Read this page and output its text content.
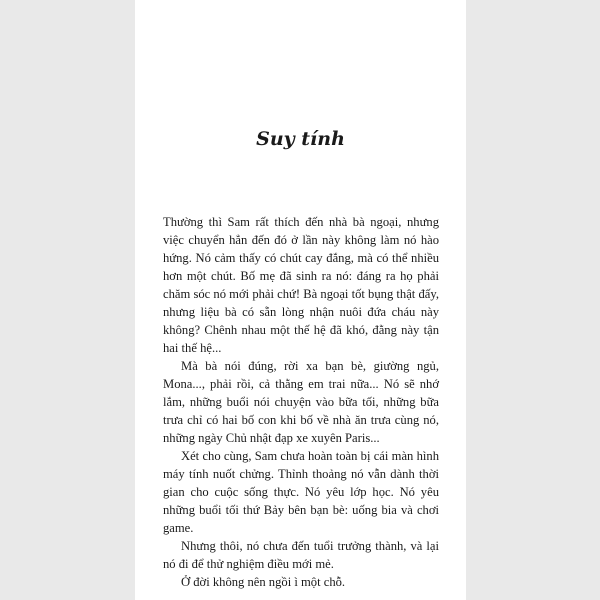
Suy tính

Thường thì Sam rất thích đến nhà bà ngoại, nhưng việc chuyển hẳn đến đó ở lần này không làm nó hào hứng. Nó cảm thấy có chút cay đắng, mà có thể nhiều hơn một chút. Bố mẹ đã sinh ra nó: đáng ra họ phải chăm sóc nó mới phải chứ! Bà ngoại tốt bụng thật đấy, nhưng liệu bà có sẵn lòng nhận nuôi đứa cháu này không? Chênh nhau một thế hệ đã khó, đằng này tận hai thế hệ...

Mà bà nói đúng, rời xa bạn bè, giường ngủ, Mona..., phải rồi, cả thằng em trai nữa... Nó sẽ nhớ lắm, những buổi nói chuyện vào bữa tối, những bữa trưa chỉ có hai bố con khi bố về nhà ăn trưa cùng nó, những ngày Chủ nhật đạp xe xuyên Paris...

Xét cho cùng, Sam chưa hoàn toàn bị cái màn hình máy tính nuốt chửng. Thỉnh thoảng nó vẫn dành thời gian cho cuộc sống thực. Nó yêu lớp học. Nó yêu những buổi tối thứ Bảy bên bạn bè: uống bia và chơi game.

Nhưng thôi, nó chưa đến tuổi trưởng thành, và lại nó đi để thử nghiệm điều mới mẻ.

Ở đời không nên ngồi ì một chỗ.
